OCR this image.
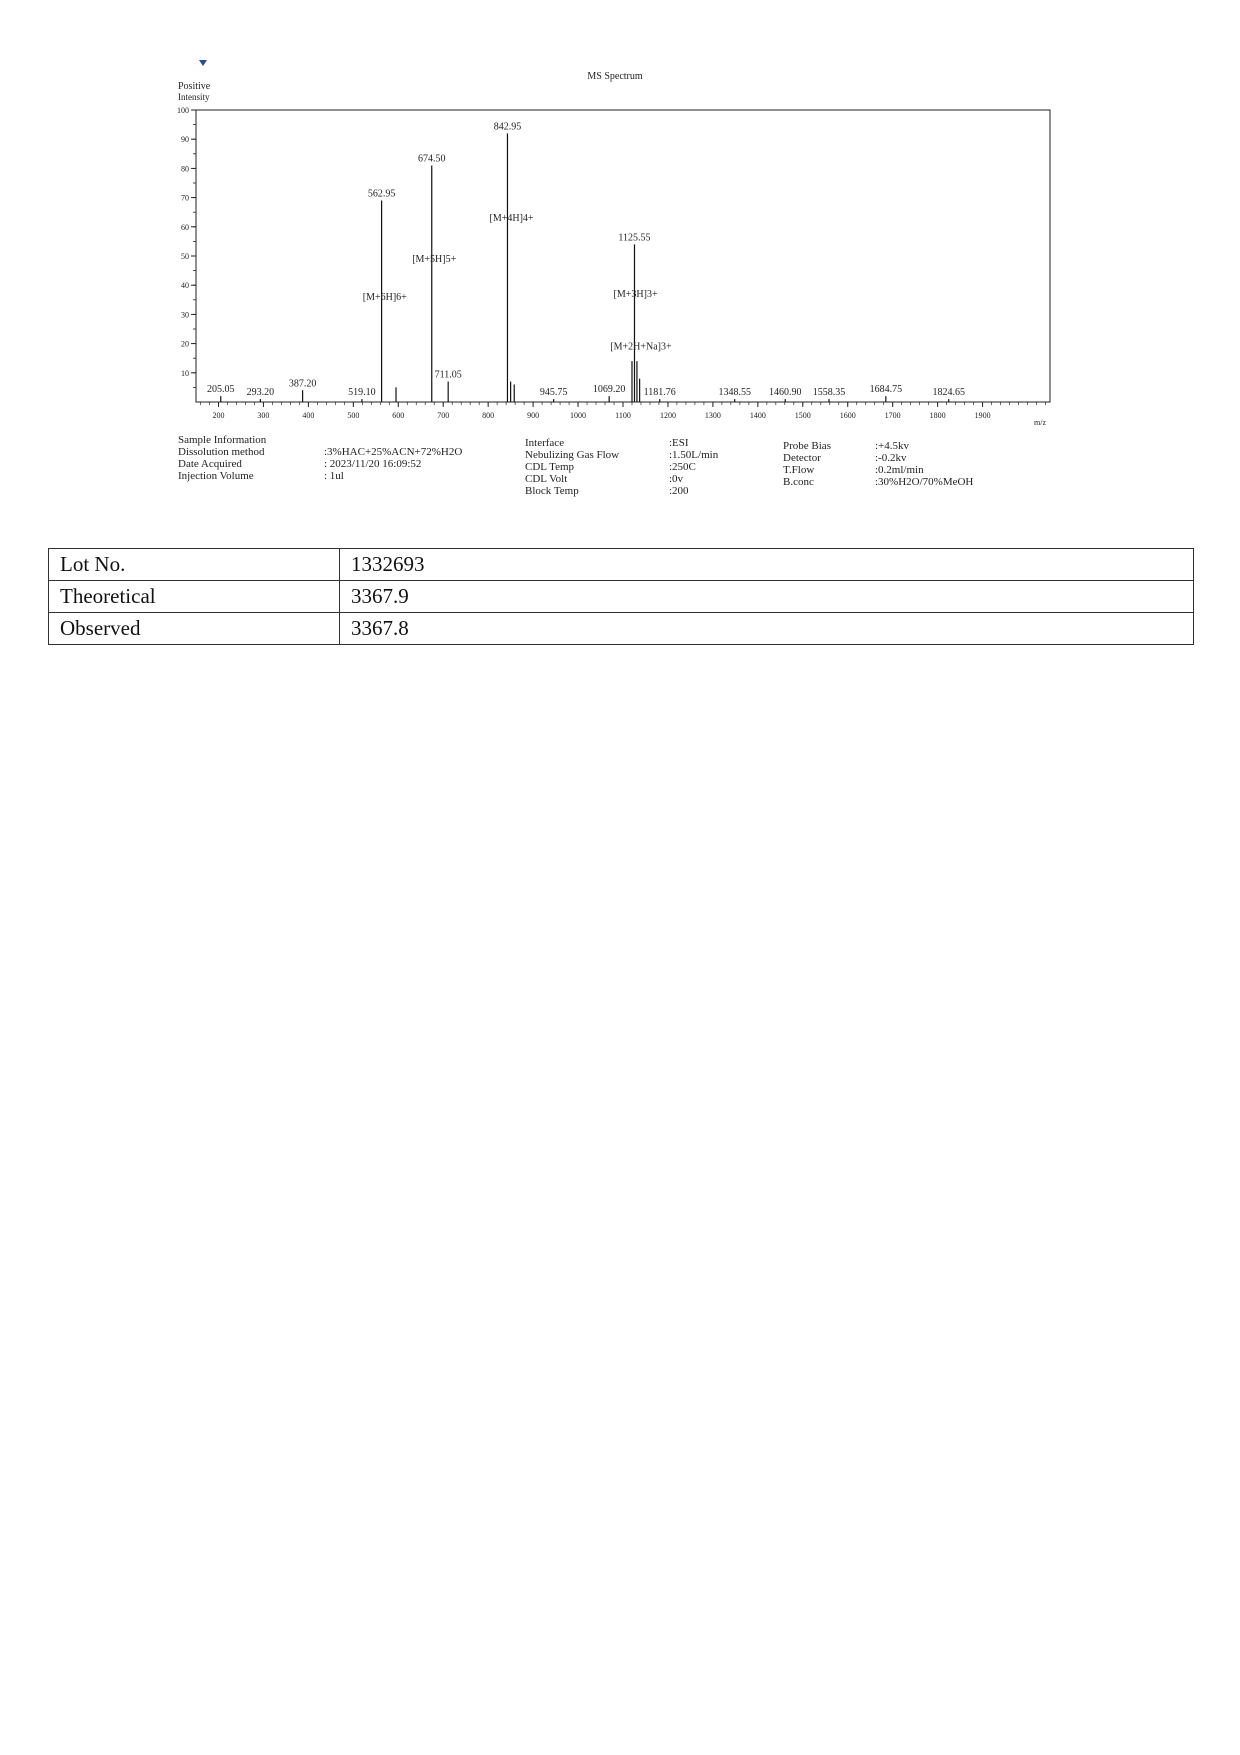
MS Spectrum
Positive
Intensity
m/z
10
20
30
40
50
60
70
80
90
100
200	300	400	500	600	700	800	900	1000	1100	1200	1300	1400	1500	1600	1700	1800	1900
205.05 293.20
387.20
519.10
562.95
674.50
711.05
842.95
945.75	1069.20
1125.55
1181.76	1348.55 1460.90 1558.35 1684.75	1824.65
[M+6H]6+
[M+5H]5+
[M+4H]4+
[M+3H]3+
[M+2H+Na]3+
Sample Information
Dissolution method	:3%HAC+25%ACN+72%H2O
Date Acquired	: 2023/11/20 16:09:52
Injection Volume	: 1ul
Interface	:ESI
Nebulizing Gas Flow	:1.50L/min
CDL Temp	:250C
CDL Volt	:0v
Block Temp	:200
Probe Bias	:+4.5kv
Detector	:-0.2kv
T.Flow	:0.2ml/min
B.conc	:30%H2O/70%MeOH
Lot No.	1332693
Theoretical	3367.9
Observed	3367.8
